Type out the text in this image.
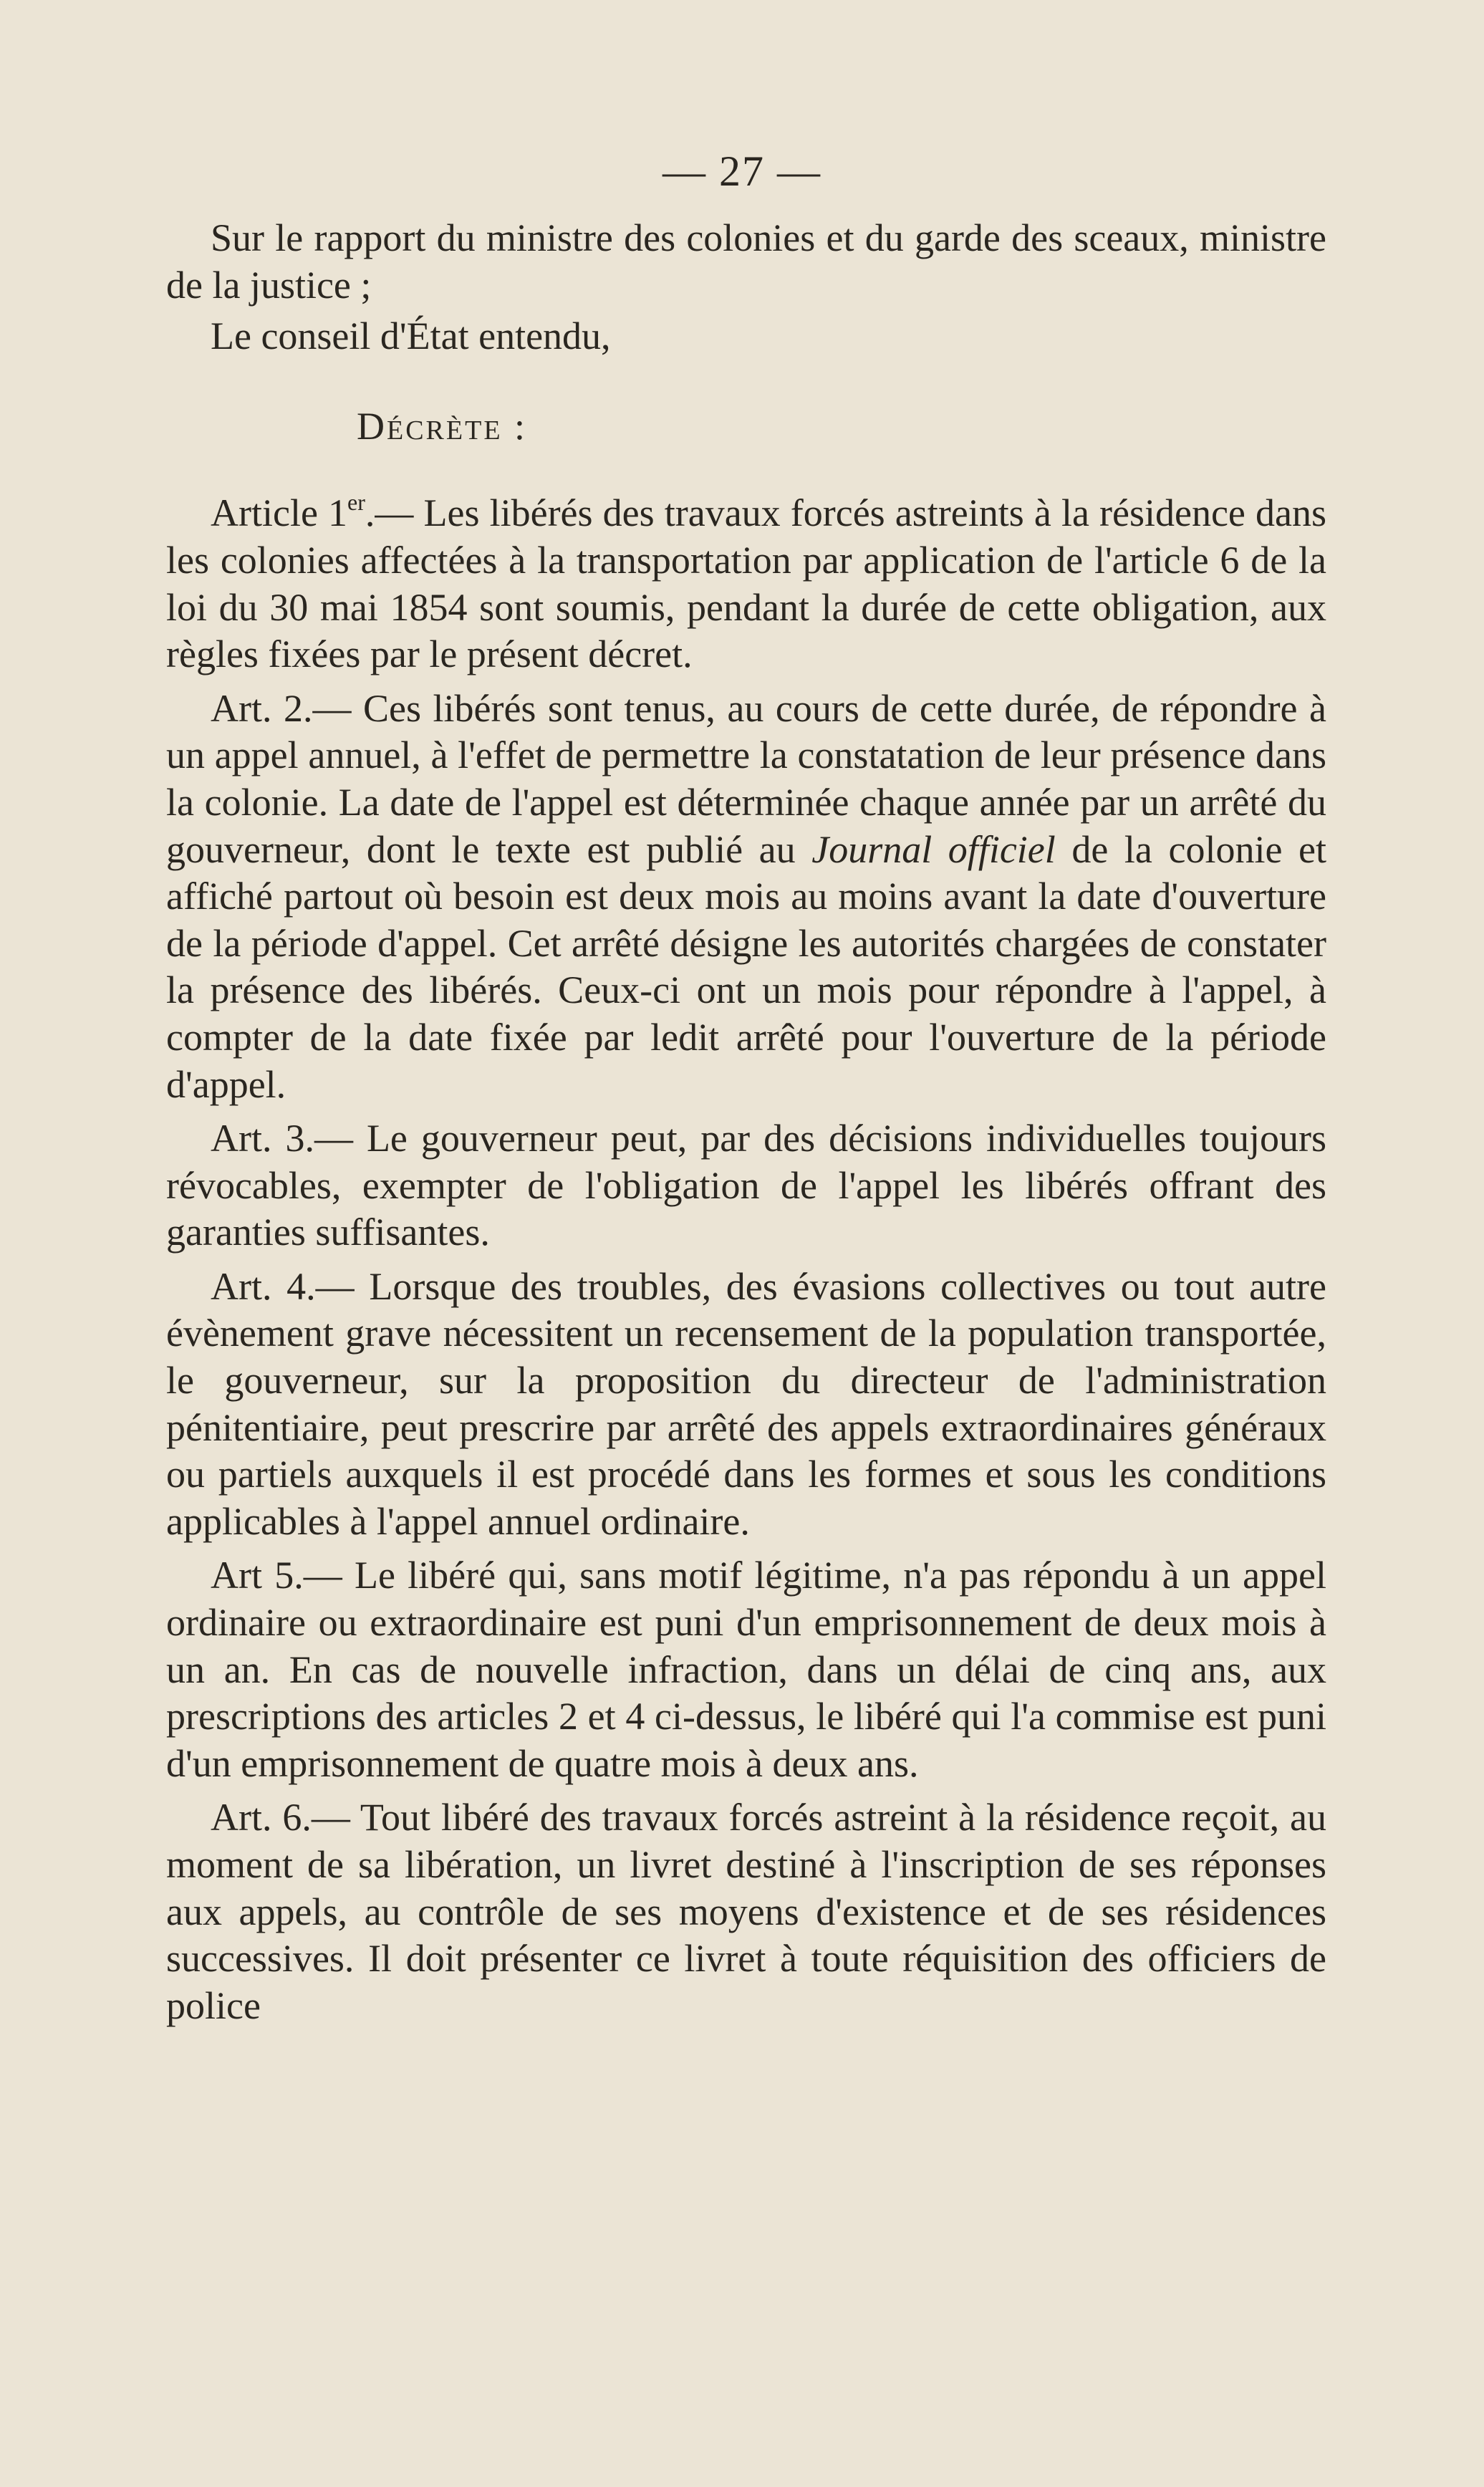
— 27 —

Sur le rapport du ministre des colonies et du garde des sceaux, ministre de la justice ;

Le conseil d'État entendu,

Décrète :

Article 1er.— Les libérés des travaux forcés astreints à la résidence dans les colonies affectées à la transportation par application de l'article 6 de la loi du 30 mai 1854 sont soumis, pendant la durée de cette obligation, aux règles fixées par le présent décret.

Art. 2.— Ces libérés sont tenus, au cours de cette durée, de répondre à un appel annuel, à l'effet de permettre la constatation de leur présence dans la colonie. La date de l'appel est déterminée chaque année par un arrêté du gouverneur, dont le texte est publié au Journal officiel de la colonie et affiché partout où besoin est deux mois au moins avant la date d'ouverture de la période d'appel. Cet arrêté désigne les autorités chargées de constater la présence des libérés. Ceux-ci ont un mois pour répondre à l'appel, à compter de la date fixée par ledit arrêté pour l'ouverture de la période d'appel.

Art. 3.— Le gouverneur peut, par des décisions individuelles toujours révocables, exempter de l'obligation de l'appel les libérés offrant des garanties suffisantes.

Art. 4.— Lorsque des troubles, des évasions collectives ou tout autre évènement grave nécessitent un recensement de la population transportée, le gouverneur, sur la proposition du directeur de l'administration pénitentiaire, peut prescrire par arrêté des appels extraordinaires généraux ou partiels auxquels il est procédé dans les formes et sous les conditions applicables à l'appel annuel ordinaire.

Art 5.— Le libéré qui, sans motif légitime, n'a pas répondu à un appel ordinaire ou extraordinaire est puni d'un emprisonnement de deux mois à un an. En cas de nouvelle infraction, dans un délai de cinq ans, aux prescriptions des articles 2 et 4 ci-dessus, le libéré qui l'a commise est puni d'un emprisonnement de quatre mois à deux ans.

Art. 6.— Tout libéré des travaux forcés astreint à la résidence reçoit, au moment de sa libération, un livret destiné à l'inscription de ses réponses aux appels, au contrôle de ses moyens d'existence et de ses résidences successives. Il doit présenter ce livret à toute réquisition des officiers de police
